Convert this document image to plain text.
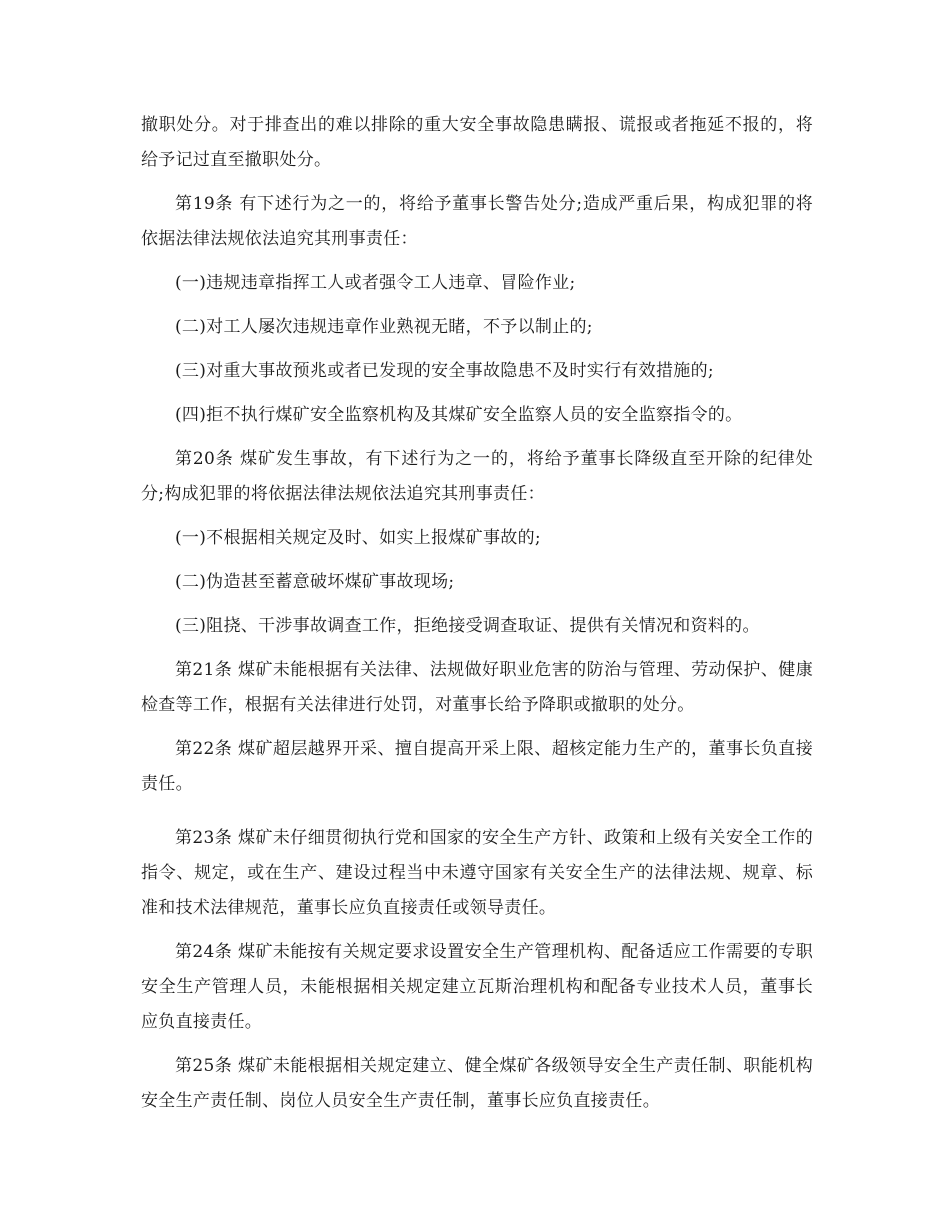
撤职处分。对于排查出的难以排除的重大安全事故隐患瞒报、谎报或者拖延不报的，将给予记过直至撤职处分。

第19条 有下述行为之一的，将给予董事长警告处分;造成严重后果，构成犯罪的将依据法律法规依法追究其刑事责任：

(一)违规违章指挥工人或者强令工人违章、冒险作业;

(二)对工人屡次违规违章作业熟视无睹，不予以制止的;

(三)对重大事故预兆或者已发现的安全事故隐患不及时实行有效措施的;

(四)拒不执行煤矿安全监察机构及其煤矿安全监察人员的安全监察指令的。

第20条 煤矿发生事故，有下述行为之一的，将给予董事长降级直至开除的纪律处分;构成犯罪的将依据法律法规依法追究其刑事责任：

(一)不根据相关规定及时、如实上报煤矿事故的;

(二)伪造甚至蓄意破坏煤矿事故现场;

(三)阻挠、干涉事故调查工作，拒绝接受调查取证、提供有关情况和资料的。

第21条 煤矿未能根据有关法律、法规做好职业危害的防治与管理、劳动保护、健康检查等工作，根据有关法律进行处罚，对董事长给予降职或撤职的处分。

第22条 煤矿超层越界开采、擅自提高开采上限、超核定能力生产的，董事长负直接责任。

第23条 煤矿未仔细贯彻执行党和国家的安全生产方针、政策和上级有关安全工作的指令、规定，或在生产、建设过程当中未遵守国家有关安全生产的法律法规、规章、标准和技术法律规范，董事长应负直接责任或领导责任。

第24条 煤矿未能按有关规定要求设置安全生产管理机构、配备适应工作需要的专职安全生产管理人员，未能根据相关规定建立瓦斯治理机构和配备专业技术人员，董事长应负直接责任。

第25条 煤矿未能根据相关规定建立、健全煤矿各级领导安全生产责任制、职能机构安全生产责任制、岗位人员安全生产责任制，董事长应负直接责任。
